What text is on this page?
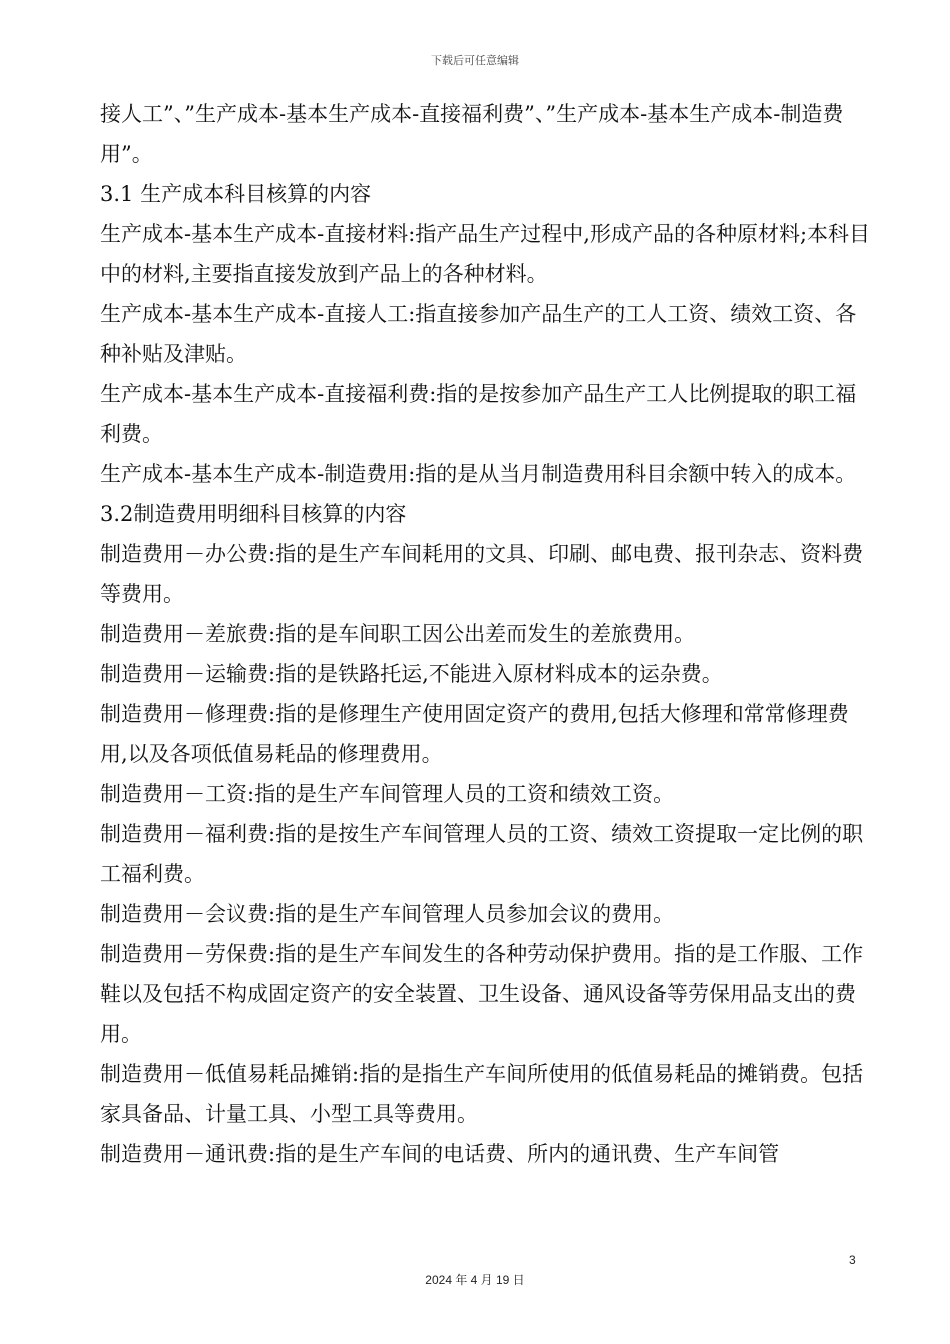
下载后可任意编辑

接人工”、”生产成本-基本生产成本-直接福利费”、”生产成本-基本生产成本-制造费用”。

3.1 生产成本科目核算的内容

生产成本-基本生产成本-直接材料:指产品生产过程中,形成产品的各种原材料;本科目中的材料,主要指直接发放到产品上的各种材料。

生产成本-基本生产成本-直接人工:指直接参加产品生产的工人工资、绩效工资、各种补贴及津贴。

生产成本-基本生产成本-直接福利费:指的是按参加产品生产工人比例提取的职工福利费。

生产成本-基本生产成本-制造费用:指的是从当月制造费用科目余额中转入的成本。

3.2制造费用明细科目核算的内容

制造费用－办公费:指的是生产车间耗用的文具、印刷、邮电费、报刊杂志、资料费等费用。

制造费用－差旅费:指的是车间职工因公出差而发生的差旅费用。

制造费用－运输费:指的是铁路托运,不能进入原材料成本的运杂费。

制造费用－修理费:指的是修理生产使用固定资产的费用,包括大修理和常常修理费用,以及各项低值易耗品的修理费用。

制造费用－工资:指的是生产车间管理人员的工资和绩效工资。

制造费用－福利费:指的是按生产车间管理人员的工资、绩效工资提取一定比例的职工福利费。

制造费用－会议费:指的是生产车间管理人员参加会议的费用。

制造费用－劳保费:指的是生产车间发生的各种劳动保护费用。指的是工作服、工作鞋以及包括不构成固定资产的安全装置、卫生设备、通风设备等劳保用品支出的费用。

制造费用－低值易耗品摊销:指的是指生产车间所使用的低值易耗品的摊销费。包括家具备品、计量工具、小型工具等费用。

制造费用－通讯费:指的是生产车间的电话费、所内的通讯费、生产车间管

3
2024 年 4 月 19 日
